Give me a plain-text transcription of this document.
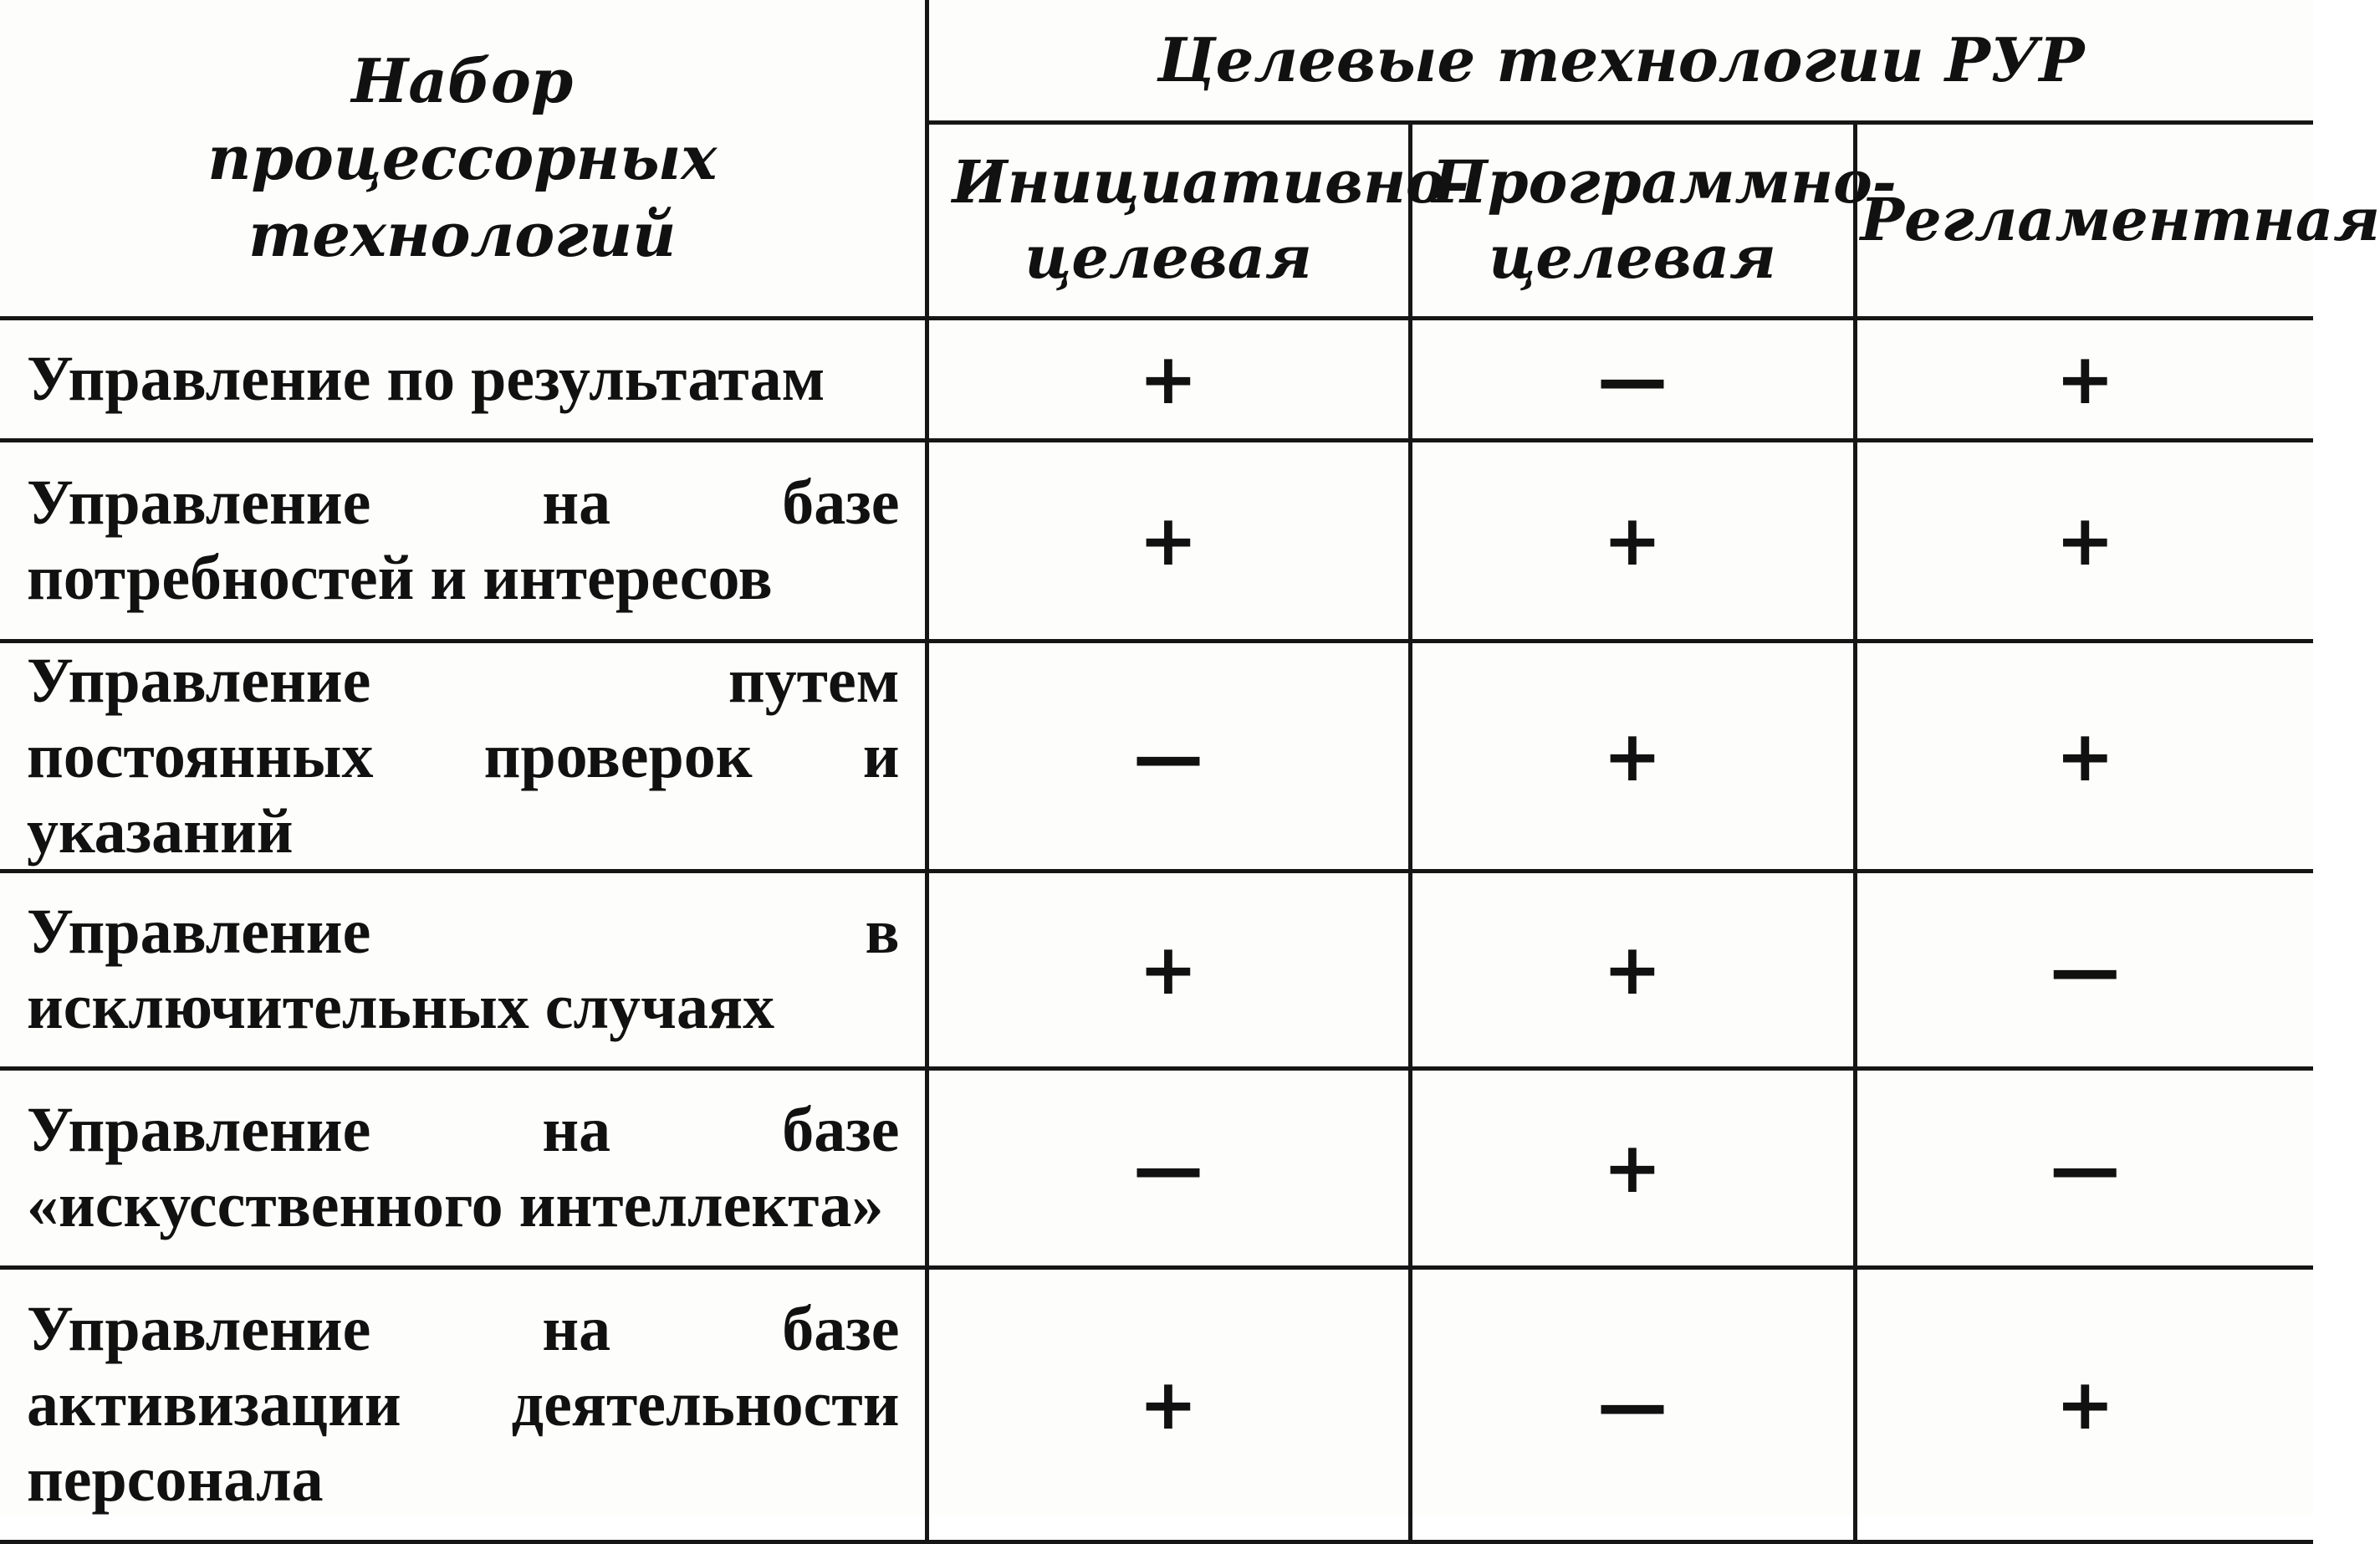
Набор процессорных технологий	Целевые технологии РУР		

	Инициативно-целевая	Программно-целевая	Регламентная

Управление по результатам	+	—	+
Управление на базе потребностей и интересов	+	+	+
Управление путем постоянных проверок и указаний	—	+	+
Управление в исключительных случаях	+	+	—
Управление на базе «искусственного интеллекта»	—	+	—
Управление на базе активизации деятельности персонала	+	—	+
